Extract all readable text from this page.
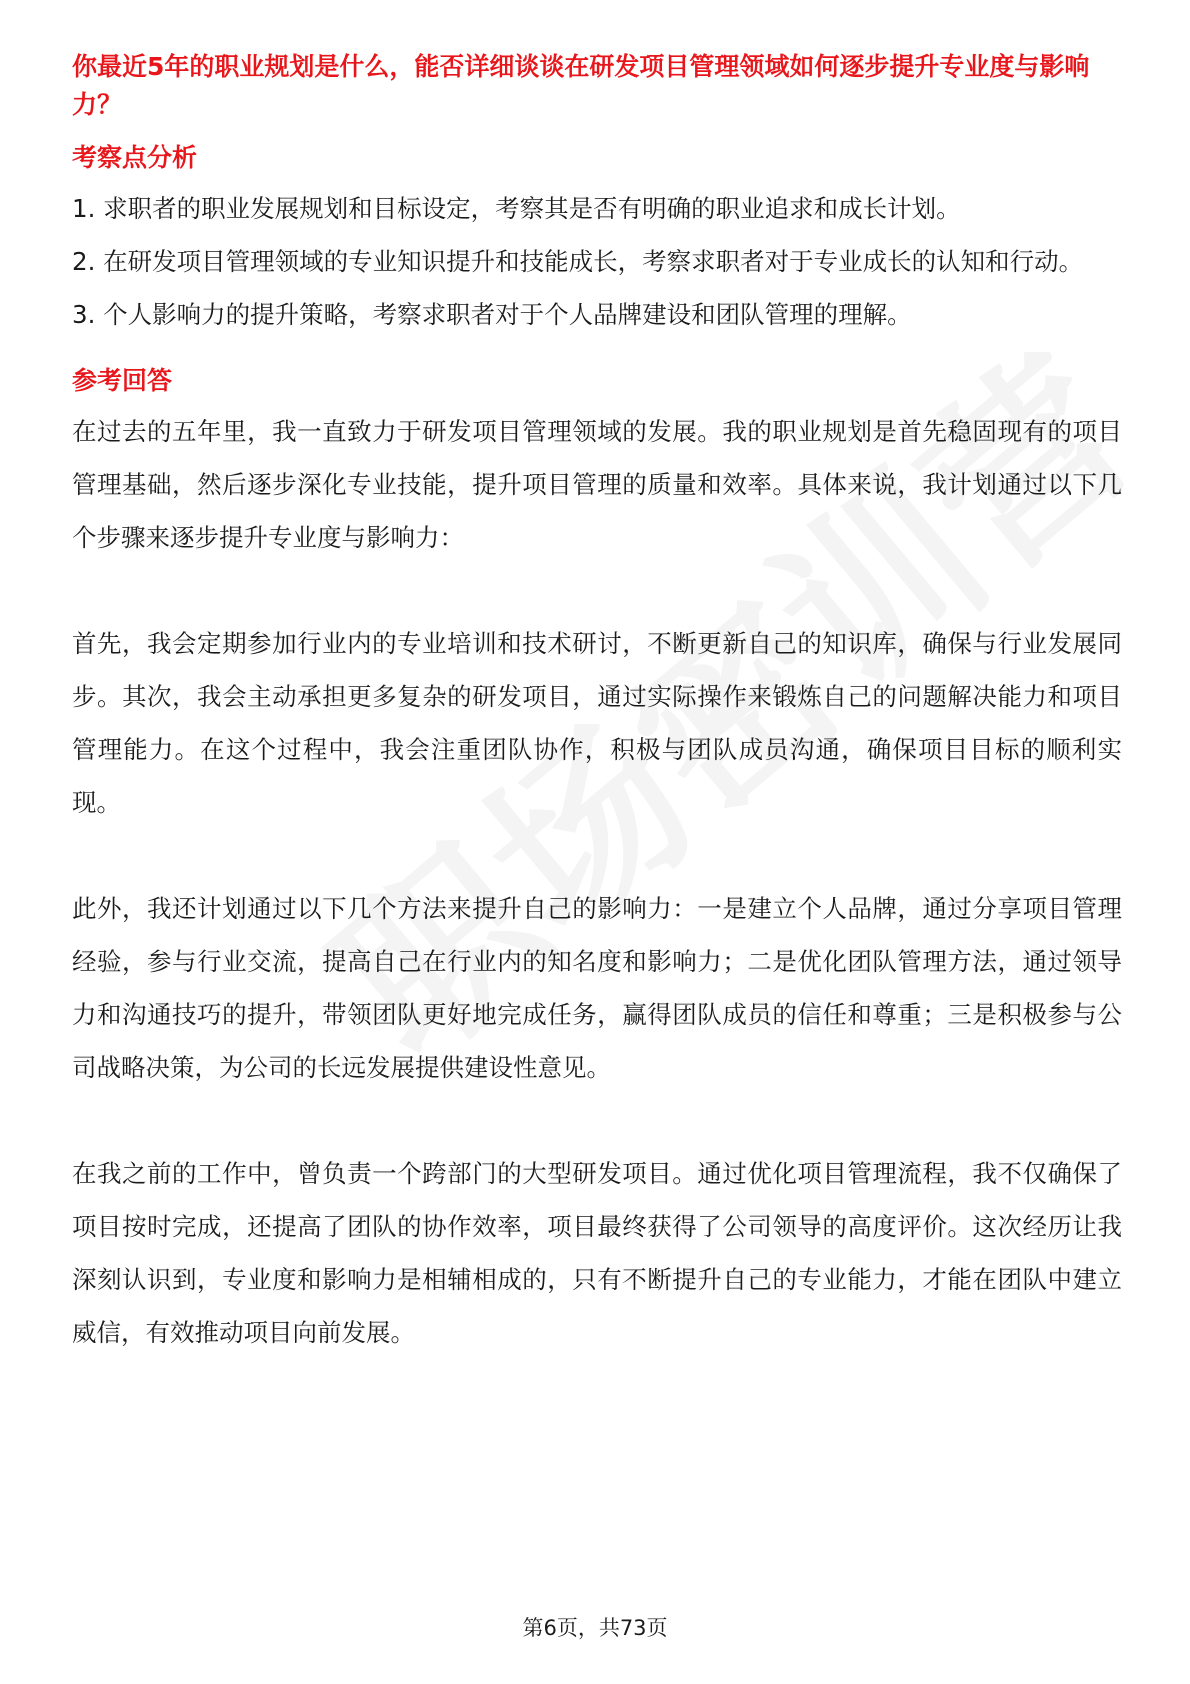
你最近5年的职业规划是什么，能否详细谈谈在研发项目管理领域如何逐步提升专业度与影响力？
考察点分析
1. 求职者的职业发展规划和目标设定，考察其是否有明确的职业追求和成长计划。
2. 在研发项目管理领域的专业知识提升和技能成长，考察求职者对于专业成长的认知和行动。
3. 个人影响力的提升策略，考察求职者对于个人品牌建设和团队管理的理解。
参考回答

在过去的五年里，我一直致力于研发项目管理领域的发展。我的职业规划是首先稳固现有的项目管理基础，然后逐步深化专业技能，提升项目管理的质量和效率。具体来说，我计划通过以下几个步骤来逐步提升专业度与影响力：

首先，我会定期参加行业内的专业培训和技术研讨，不断更新自己的知识库，确保与行业发展同步。其次，我会主动承担更多复杂的研发项目，通过实际操作来锻炼自己的问题解决能力和项目管理能力。在这个过程中，我会注重团队协作，积极与团队成员沟通，确保项目目标的顺利实现。

此外，我还计划通过以下几个方法来提升自己的影响力：一是建立个人品牌，通过分享项目管理经验，参与行业交流，提高自己在行业内的知名度和影响力；二是优化团队管理方法，通过领导力和沟通技巧的提升，带领团队更好地完成任务，赢得团队成员的信任和尊重；三是积极参与公司战略决策，为公司的长远发展提供建设性意见。

在我之前的工作中，曾负责一个跨部门的大型研发项目。通过优化项目管理流程，我不仅确保了项目按时完成，还提高了团队的协作效率，项目最终获得了公司领导的高度评价。这次经历让我深刻认识到，专业度和影响力是相辅相成的，只有不断提升自己的专业能力，才能在团队中建立威信，有效推动项目向前发展。

第6页，共73页
